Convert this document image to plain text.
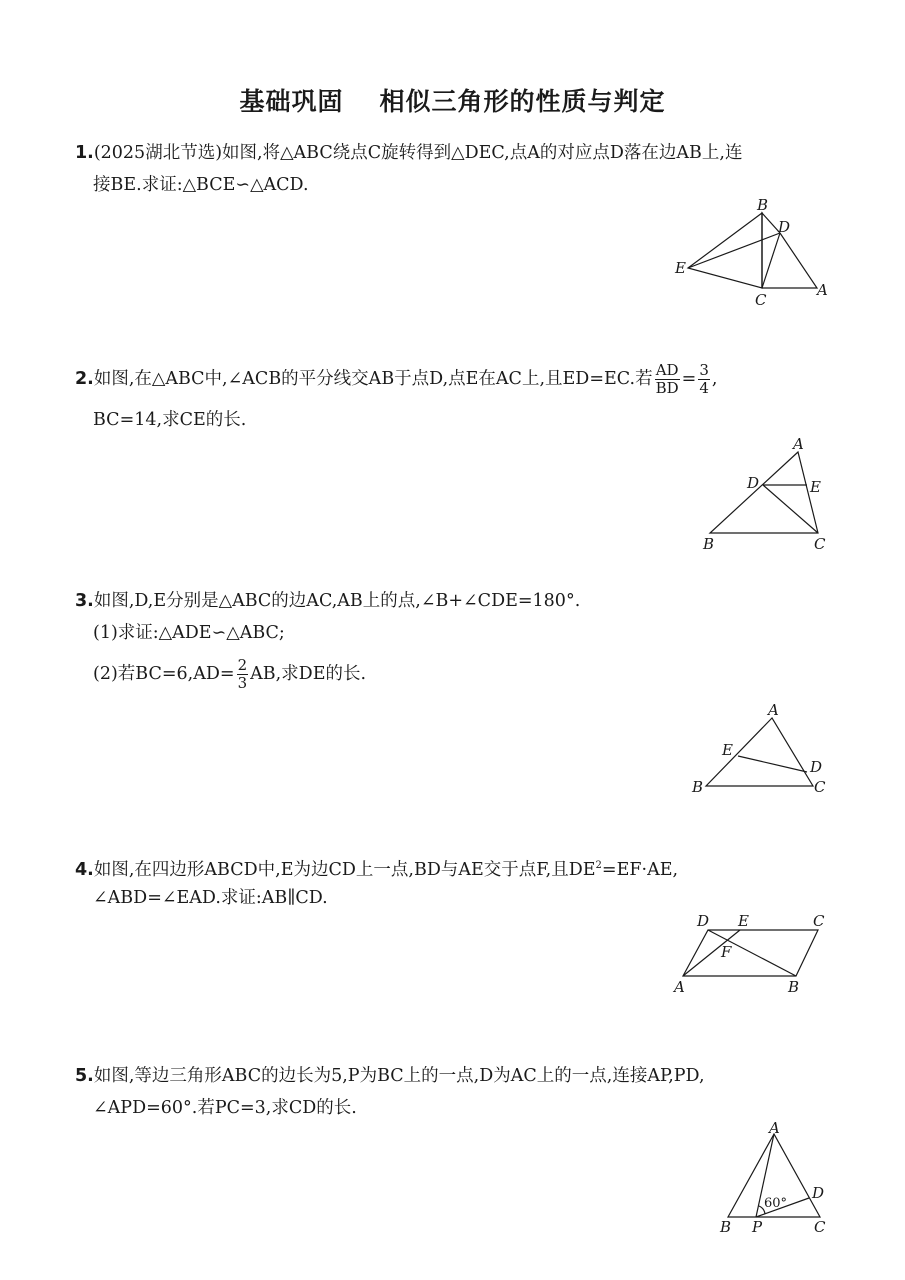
基础巩固 相似三角形的性质与判定
1.(2025湖北节选)如图,将△ABC绕点C旋转得到△DEC,点A的对应点D落在边AB上,连
接BE.求证:△BCE∽△ACD.
B
D
E
C
A
2.如图,在△ABC中,∠ACB的平分线交AB于点D,点E在AC上,且ED=EC.若 $\frac{AD}{BD} = \frac{3}{4}$ ,
BC=14,求CE的长.
A
D	E
B	C
3.如图,D,E分别是△ABC的边AC,AB上的点,∠B+∠CDE=180°.
(1)求证:△ADE∽△ABC;
(2)若$BC=6,AD= \frac{2}{3}$ AB,求DE的长.
A
E
D
B	C
4.如图,在四边形ABCD中,E为边CD上一点,BD与AE交于点F,且$DE^2=EF\cdot AE$,
∠ABD=∠EAD.求证:AB∥CD.
D E	C
F
A	B
5.如图,等边三角形ABC的边长为5,P为BC上的一点,D为AC上的一点,连接AP,PD,
∠APD=60°.若PC=3,求CD的长.
A
D
B P	C
60°
